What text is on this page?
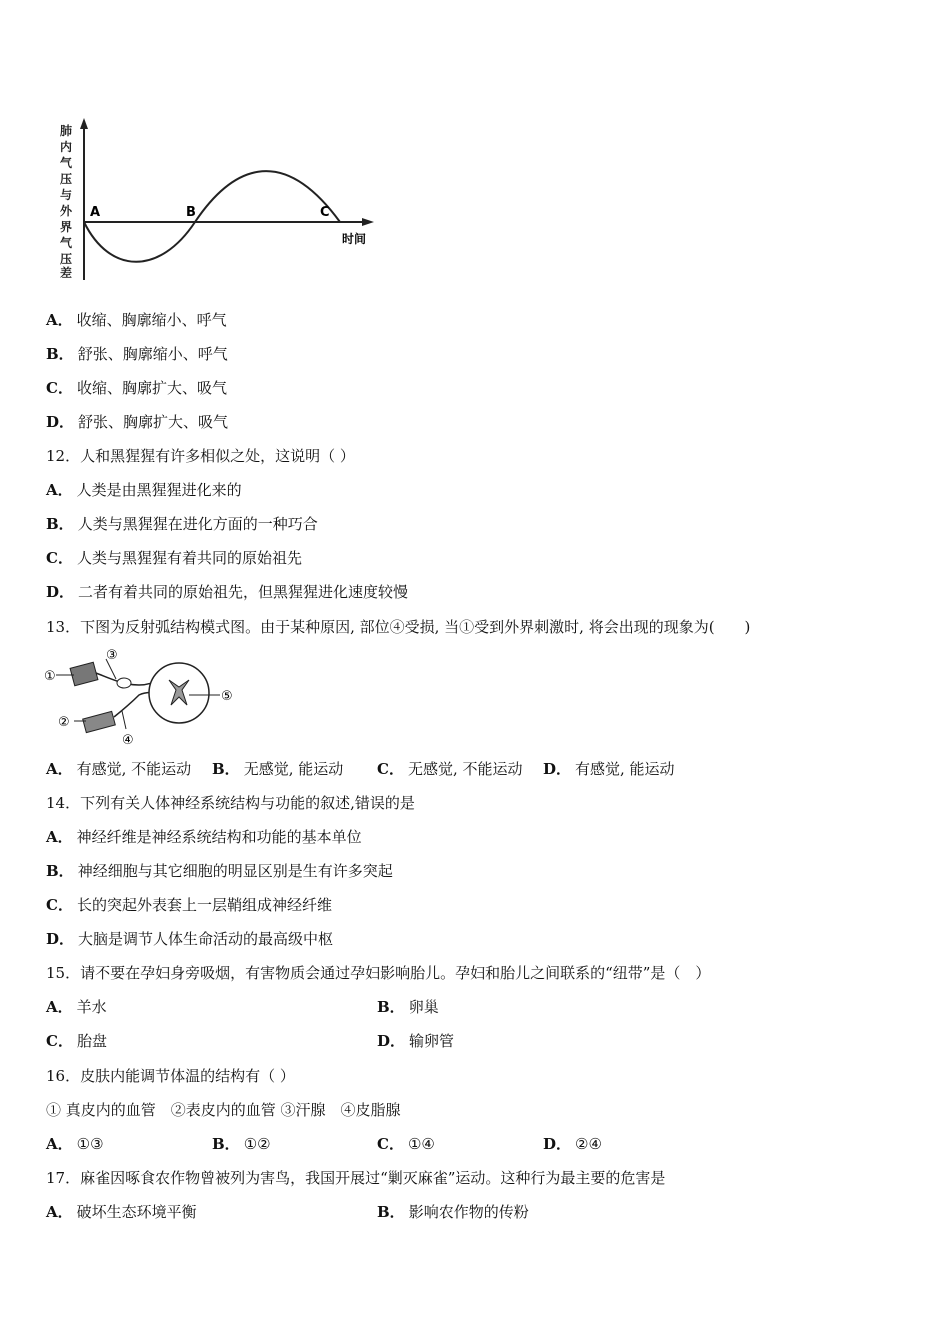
肺
内
气
压
与
外
界
气
压
差
A	B	C
时间
A． 收缩、胸廓缩小、呼气
B． 舒张、胸廓缩小、呼气
C． 收缩、胸廓扩大、吸气
D． 舒张、胸廓扩大、吸气
12．人和黑猩猩有许多相似之处，这说明（ ）
A． 人类是由黑猩猩进化来的
B． 人类与黑猩猩在进化方面的一种巧合
C． 人类与黑猩猩有着共同的原始祖先
D． 二者有着共同的原始祖先，但黑猩猩进化速度较慢
13．下图为反射弧结构模式图。由于某种原因, 部位④受损, 当①受到外界刺激时, 将会出现的现象为(　　)
①
③
②
④
⑤
A． 有感觉, 不能运动 B． 无感觉, 能运动 C． 无感觉, 不能运动 D． 有感觉, 能运动
14．下列有关人体神经系统结构与功能的叙述,错误的是
A． 神经纤维是神经系统结构和功能的基本单位
B． 神经细胞与其它细胞的明显区别是生有许多突起
C． 长的突起外表套上一层鞘组成神经纤维
D． 大脑是调节人体生命活动的最高级中枢
15．请不要在孕妇身旁吸烟，有害物质会通过孕妇影响胎儿。孕妇和胎儿之间联系的“纽带”是（　）
A． 羊水	B． 卵巢
C． 胎盘	D． 输卵管
16．皮肤内能调节体温的结构有（ ）
① 真皮内的血管　②表皮内的血管 ③汗腺　④皮脂腺
A． ①③	B． ①②	C． ①④	D． ②④
17．麻雀因啄食农作物曾被列为害鸟，我国开展过“剿灭麻雀”运动。这种行为最主要的危害是
A． 破坏生态环境平衡	B． 影响农作物的传粉
